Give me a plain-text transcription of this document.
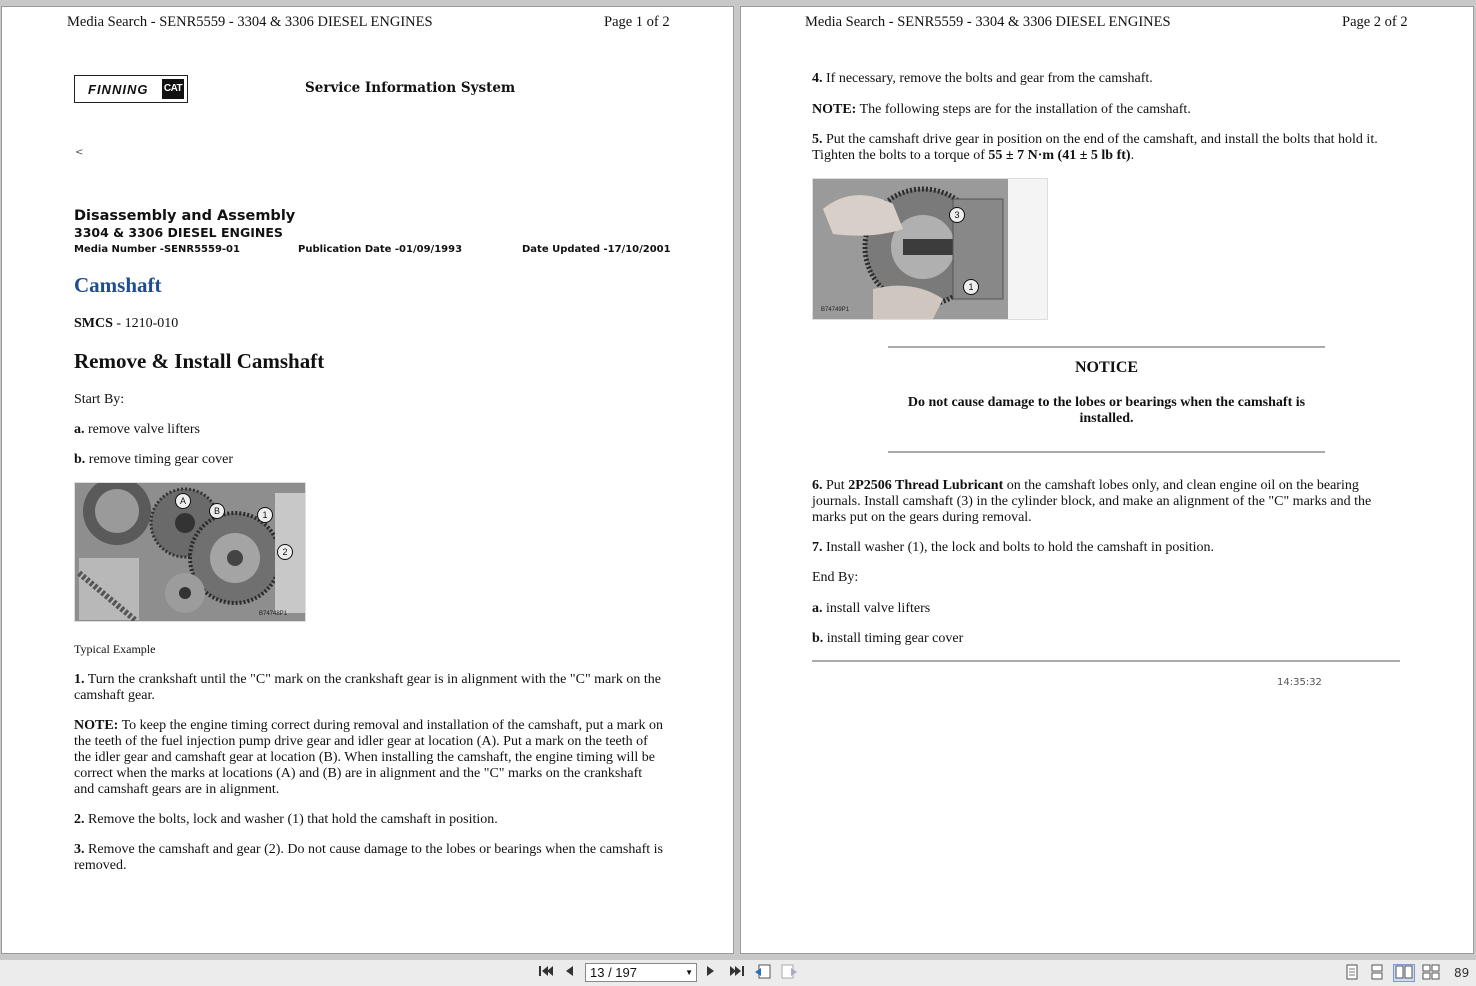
Media Search - SENR5559 - 3304 & 3306 DIESEL ENGINES	Page 1 of 2
FINNING CAT	Service Information System
<
Disassembly and Assembly
3304 & 3306 DIESEL ENGINES
Media Number -SENR5559-01	Publication Date -01/09/1993	Date Updated -17/10/2001
Camshaft
SMCS - 1210-010
Remove & Install Camshaft
Start By:
a. remove valve lifters
b. remove timing gear cover
B74748P1
A
B	1
2
Typical Example
1. Turn the crankshaft until the "C" mark on the crankshaft gear is in alignment with the "C" mark on the camshaft gear.
NOTE: To keep the engine timing correct during removal and installation of the camshaft, put a mark on the teeth of the fuel injection pump drive gear and idler gear at location (A). Put a mark on the teeth of the idler gear and camshaft gear at location (B). When installing the camshaft, the engine timing will be correct when the marks at locations (A) and (B) are in alignment and the "C" marks on the crankshaft and camshaft gears are in alignment.
2. Remove the bolts, lock and washer (1) that hold the camshaft in position.
3. Remove the camshaft and gear (2). Do not cause damage to the lobes or bearings when the camshaft is removed.
Media Search - SENR5559 - 3304 & 3306 DIESEL ENGINES	Page 2 of 2
4. If necessary, remove the bolts and gear from the camshaft.
NOTE: The following steps are for the installation of the camshaft.
5. Put the camshaft drive gear in position on the end of the camshaft, and install the bolts that hold it. Tighten the bolts to a torque of 55 ± 7 N·m (41 ± 5 lb ft).
B74749P1
3
1
NOTICE
Do not cause damage to the lobes or bearings when the camshaft is installed.
6. Put 2P2506 Thread Lubricant on the camshaft lobes only, and clean engine oil on the bearing journals. Install camshaft (3) in the cylinder block, and make an alignment of the "C" marks and the marks put on the gears during removal.
7. Install washer (1), the lock and bolts to hold the camshaft in position.
End By:
a. install valve lifters
b. install timing gear cover
14:35:32
13 / 197	▼	89
